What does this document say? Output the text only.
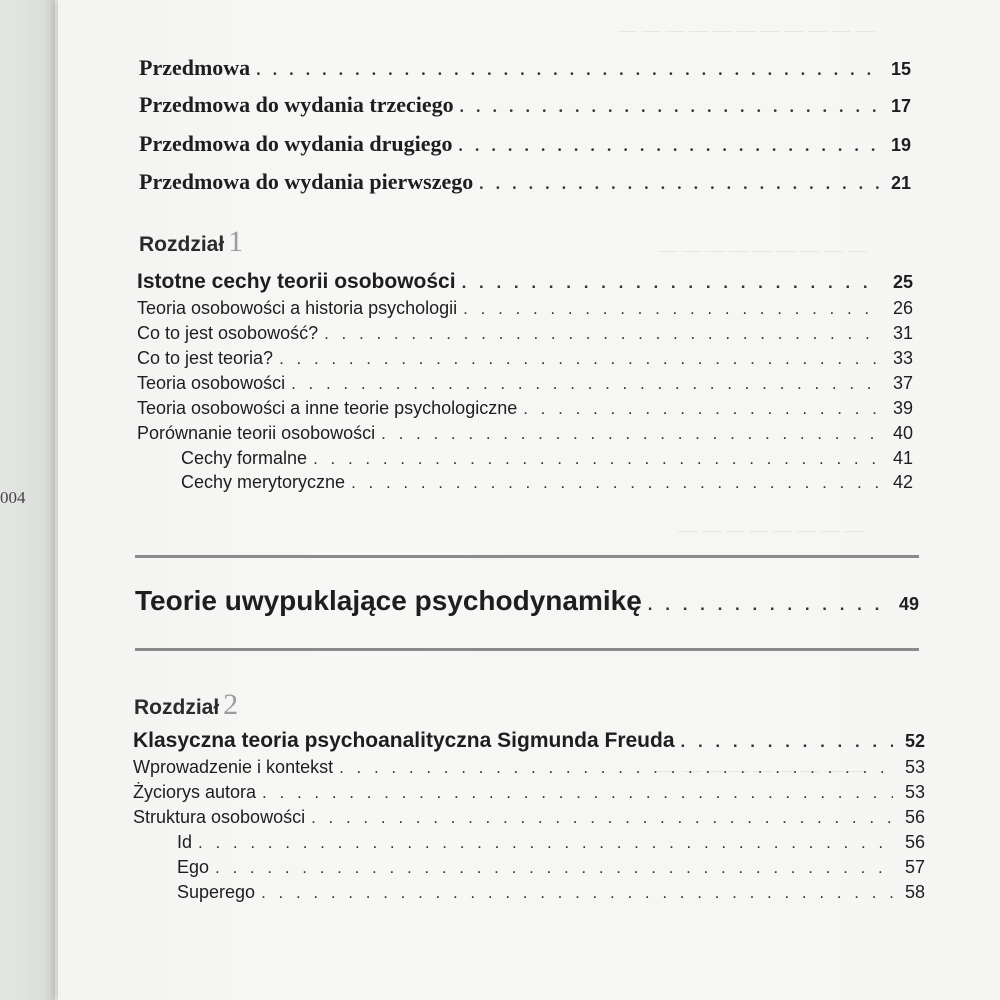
004
— — — — — — — — — — —
— — — — — — — — —
— — — — — — — —
— — — — — — — — —
Przedmowa . . .	15
Przedmowa do wydania trzeciego . . .	17
Przedmowa do wydania drugiego . . .	19
Przedmowa do wydania pierwszego . . .	21
Rozdział 1
Istotne cechy teorii osobowości . . .	25
Teoria osobowości a historia psychologii . . .	26
Co to jest osobowość? . . .	31
Co to jest teoria? . . .	33
Teoria osobowości . . .	37
Teoria osobowości a inne teorie psychologiczne . . .	39
Porównanie teorii osobowości . . .	40
Cechy formalne . . .	41
Cechy merytoryczne . . .	42
Teorie uwypuklające psychodynamikę . . .	49
Rozdział 2
Klasyczna teoria psychoanalityczna Sigmunda Freuda . . .	52
Wprowadzenie i kontekst . . .	53
Życiorys autora . . .	53
Struktura osobowości . . .	56
Id . . .	56
Ego . . .	57
Superego . . .	58
